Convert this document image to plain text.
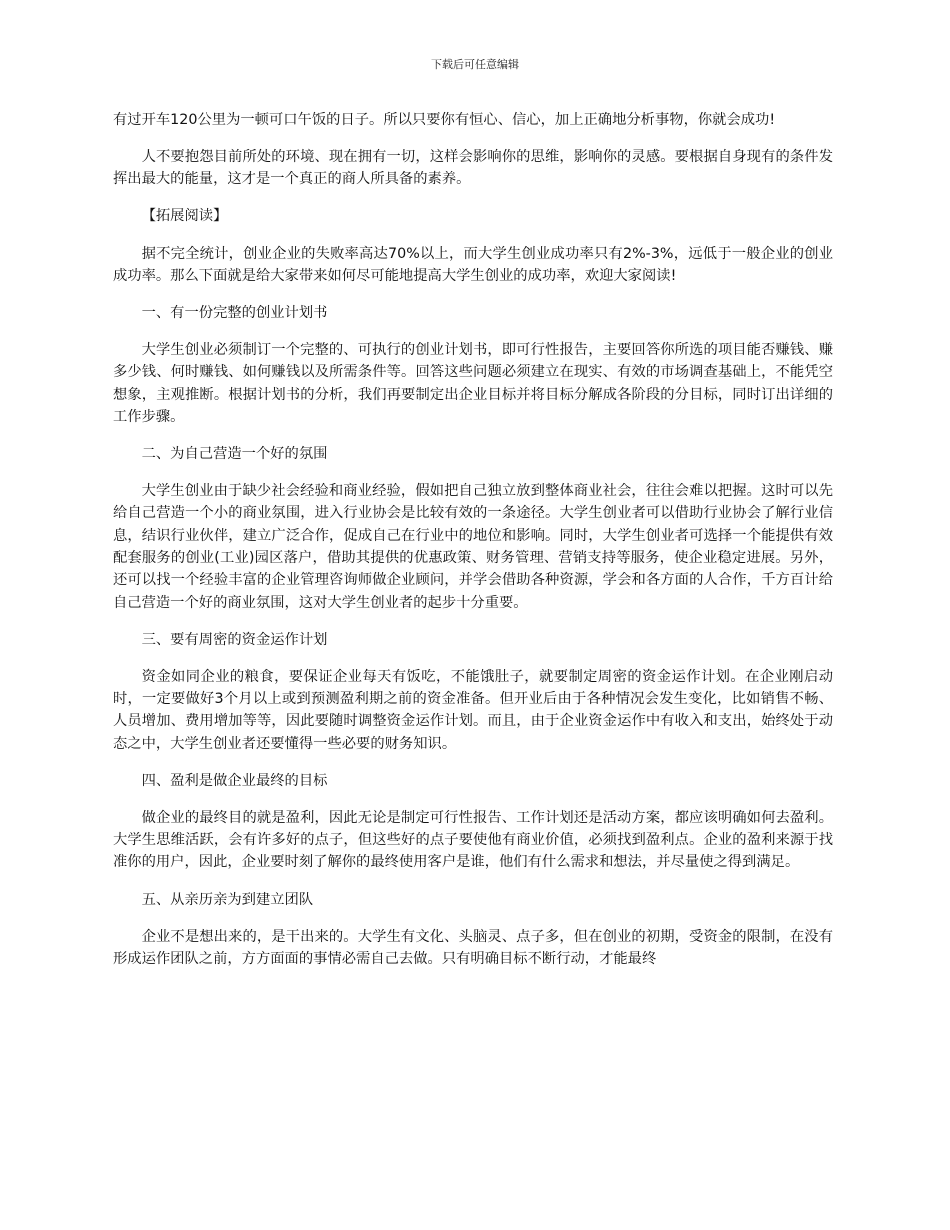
下载后可任意编辑

有过开车120公里为一顿可口午饭的日子。所以只要你有恒心、信心，加上正确地分析事物，你就会成功!

人不要抱怨目前所处的环境、现在拥有一切，这样会影响你的思维，影响你的灵感。要根据自身现有的条件发挥出最大的能量，这才是一个真正的商人所具备的素养。

【拓展阅读】

据不完全统计，创业企业的失败率高达70%以上，而大学生创业成功率只有2%-3%，远低于一般企业的创业成功率。那么下面就是给大家带来如何尽可能地提高大学生创业的成功率，欢迎大家阅读!

一、有一份完整的创业计划书

大学生创业必须制订一个完整的、可执行的创业计划书，即可行性报告，主要回答你所选的项目能否赚钱、赚多少钱、何时赚钱、如何赚钱以及所需条件等。回答这些问题必须建立在现实、有效的市场调查基础上，不能凭空想象，主观推断。根据计划书的分析，我们再要制定出企业目标并将目标分解成各阶段的分目标，同时订出详细的工作步骤。

二、为自己营造一个好的氛围

大学生创业由于缺少社会经验和商业经验，假如把自己独立放到整体商业社会，往往会难以把握。这时可以先给自己营造一个小的商业氛围，进入行业协会是比较有效的一条途径。大学生创业者可以借助行业协会了解行业信息，结识行业伙伴，建立广泛合作，促成自己在行业中的地位和影响。同时，大学生创业者可选择一个能提供有效配套服务的创业(工业)园区落户，借助其提供的优惠政策、财务管理、营销支持等服务，使企业稳定进展。另外，还可以找一个经验丰富的企业管理咨询师做企业顾问，并学会借助各种资源，学会和各方面的人合作，千方百计给自己营造一个好的商业氛围，这对大学生创业者的起步十分重要。

三、要有周密的资金运作计划

资金如同企业的粮食，要保证企业每天有饭吃，不能饿肚子，就要制定周密的资金运作计划。在企业刚启动时，一定要做好3个月以上或到预测盈利期之前的资金准备。但开业后由于各种情况会发生变化，比如销售不畅、人员增加、费用增加等等，因此要随时调整资金运作计划。而且，由于企业资金运作中有收入和支出，始终处于动态之中，大学生创业者还要懂得一些必要的财务知识。

四、盈利是做企业最终的目标

做企业的最终目的就是盈利，因此无论是制定可行性报告、工作计划还是活动方案，都应该明确如何去盈利。大学生思维活跃，会有许多好的点子，但这些好的点子要使他有商业价值，必须找到盈利点。企业的盈利来源于找准你的用户，因此，企业要时刻了解你的最终使用客户是谁，他们有什么需求和想法，并尽量使之得到满足。

五、从亲历亲为到建立团队

企业不是想出来的，是干出来的。大学生有文化、头脑灵、点子多，但在创业的初期，受资金的限制，在没有形成运作团队之前，方方面面的事情必需自己去做。只有明确目标不断行动，才能最终
